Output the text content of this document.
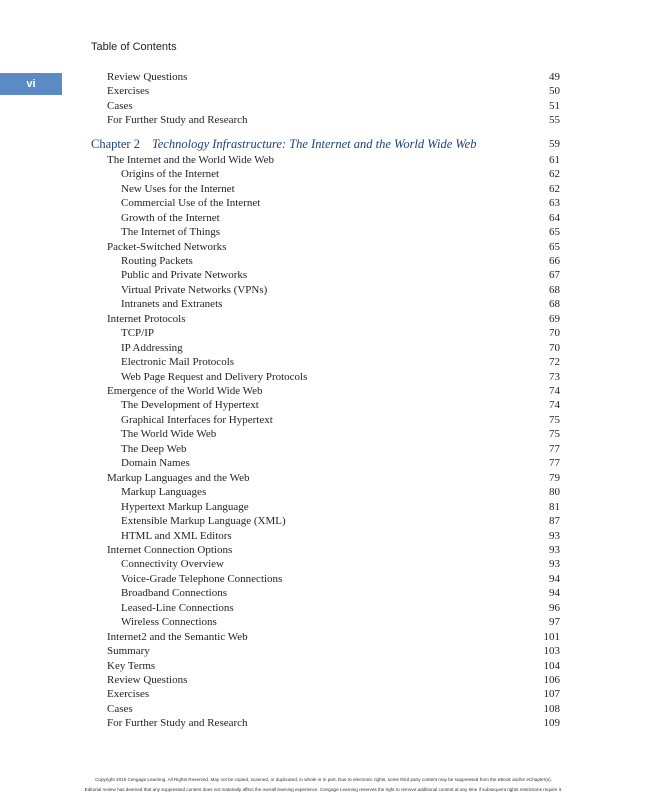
Table of Contents
vi
Review Questions	49
Exercises	50
Cases	51
For Further Study and Research	55
Chapter 2 Technology Infrastructure: The Internet and the World Wide Web	59
The Internet and the World Wide Web	61
Origins of the Internet	62
New Uses for the Internet	62
Commercial Use of the Internet	63
Growth of the Internet	64
The Internet of Things	65
Packet-Switched Networks	65
Routing Packets	66
Public and Private Networks	67
Virtual Private Networks (VPNs)	68
Intranets and Extranets	68
Internet Protocols	69
TCP/IP	70
IP Addressing	70
Electronic Mail Protocols	72
Web Page Request and Delivery Protocols	73
Emergence of the World Wide Web	74
The Development of Hypertext	74
Graphical Interfaces for Hypertext	75
The World Wide Web	75
The Deep Web	77
Domain Names	77
Markup Languages and the Web	79
Markup Languages	80
Hypertext Markup Language	81
Extensible Markup Language (XML)	87
HTML and XML Editors	93
Internet Connection Options	93
Connectivity Overview	93
Voice-Grade Telephone Connections	94
Broadband Connections	94
Leased-Line Connections	96
Wireless Connections	97
Internet2 and the Semantic Web	101
Summary	103
Key Terms	104
Review Questions	106
Exercises	107
Cases	108
For Further Study and Research	109
Copyright 2015 Cengage Learning. All Rights Reserved. May not be copied, scanned, or duplicated, in whole or in part. Due to electronic rights, some third party content may be suppressed from the eBook and/or eChapter(s).
Editorial review has deemed that any suppressed content does not materially affect the overall learning experience. Cengage Learning reserves the right to remove additional content at any time if subsequent rights restrictions require it.
